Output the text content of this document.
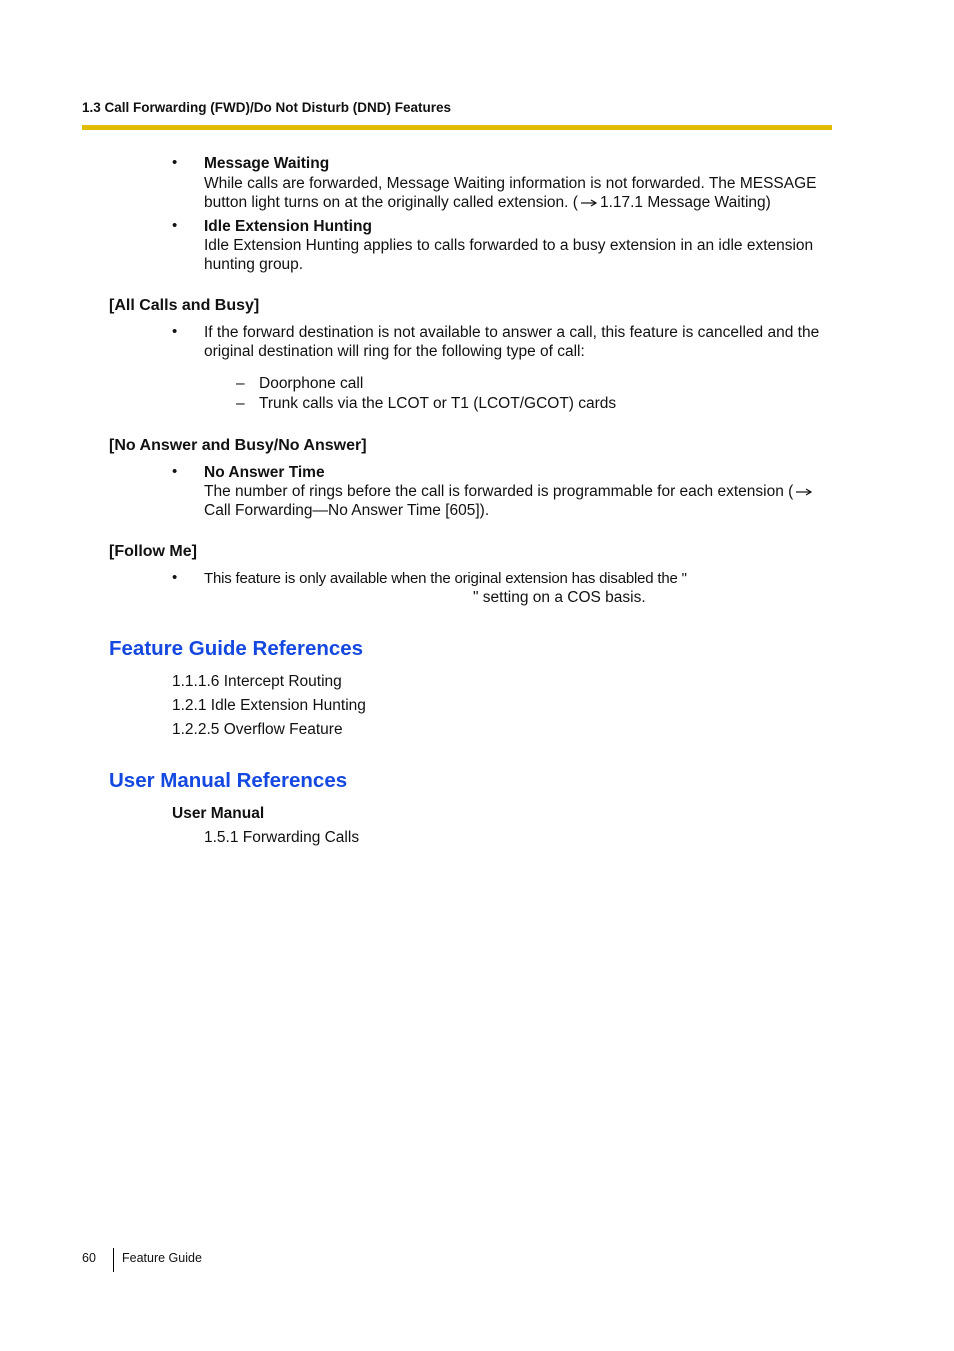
1.3 Call Forwarding (FWD)/Do Not Disturb (DND) Features
• Message Waiting
While calls are forwarded, Message Waiting information is not forwarded. The MESSAGE
button light turns on at the originally called extension. ( 1.17.1 Message Waiting)
• Idle Extension Hunting
Idle Extension Hunting applies to calls forwarded to a busy extension in an idle extension
hunting group.
[All Calls and Busy]
• If the forward destination is not available to answer a call, this feature is cancelled and the
original destination will ring for the following type of call:
– Doorphone call
– Trunk calls via the LCOT or T1 (LCOT/GCOT) cards
[No Answer and Busy/No Answer]
• No Answer Time
The number of rings before the call is forwarded is programmable for each extension (
Call Forwarding—No Answer Time [605]).
[Follow Me]
• This feature is only available when the original extension has disabled the "
" setting on a COS basis.
Feature Guide References
1.1.1.6 Intercept Routing
1.2.1 Idle Extension Hunting
1.2.2.5 Overflow Feature
User Manual References
User Manual
1.5.1 Forwarding Calls
60 Feature Guide
